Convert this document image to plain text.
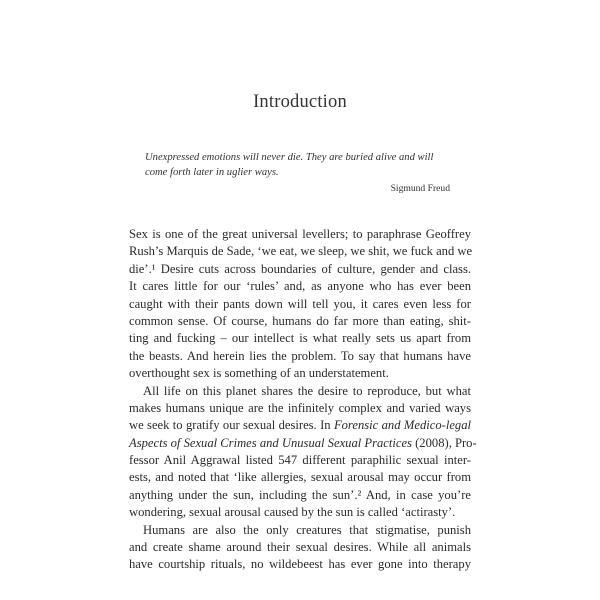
Introduction
Unexpressed emotions will never die. They are buried alive and will
come forth later in uglier ways.
Sigmund Freud
Sex is one of the great universal levellers; to paraphrase Geoffrey
Rush’s Marquis de Sade, ‘we eat, we sleep, we shit, we fuck and we
die’.¹ Desire cuts across boundaries of culture, gender and class.
It cares little for our ‘rules’ and, as anyone who has ever been
caught with their pants down will tell you, it cares even less for
common sense. Of course, humans do far more than eating, shit-
ting and fucking – our intellect is what really sets us apart from
the beasts. And herein lies the problem. To say that humans have
overthought sex is something of an understatement.
All life on this planet shares the desire to reproduce, but what
makes humans unique are the infinitely complex and varied ways
we seek to gratify our sexual desires. In Forensic and Medico-legal
Aspects of Sexual Crimes and Unusual Sexual Practices (2008), Pro-
fessor Anil Aggrawal listed 547 different paraphilic sexual inter-
ests, and noted that ‘like allergies, sexual arousal may occur from
anything under the sun, including the sun’.² And, in case you’re
wondering, sexual arousal caused by the sun is called ‘actirasty’.
Humans are also the only creatures that stigmatise, punish
and create shame around their sexual desires. While all animals
have courtship rituals, no wildebeest has ever gone into therapy
